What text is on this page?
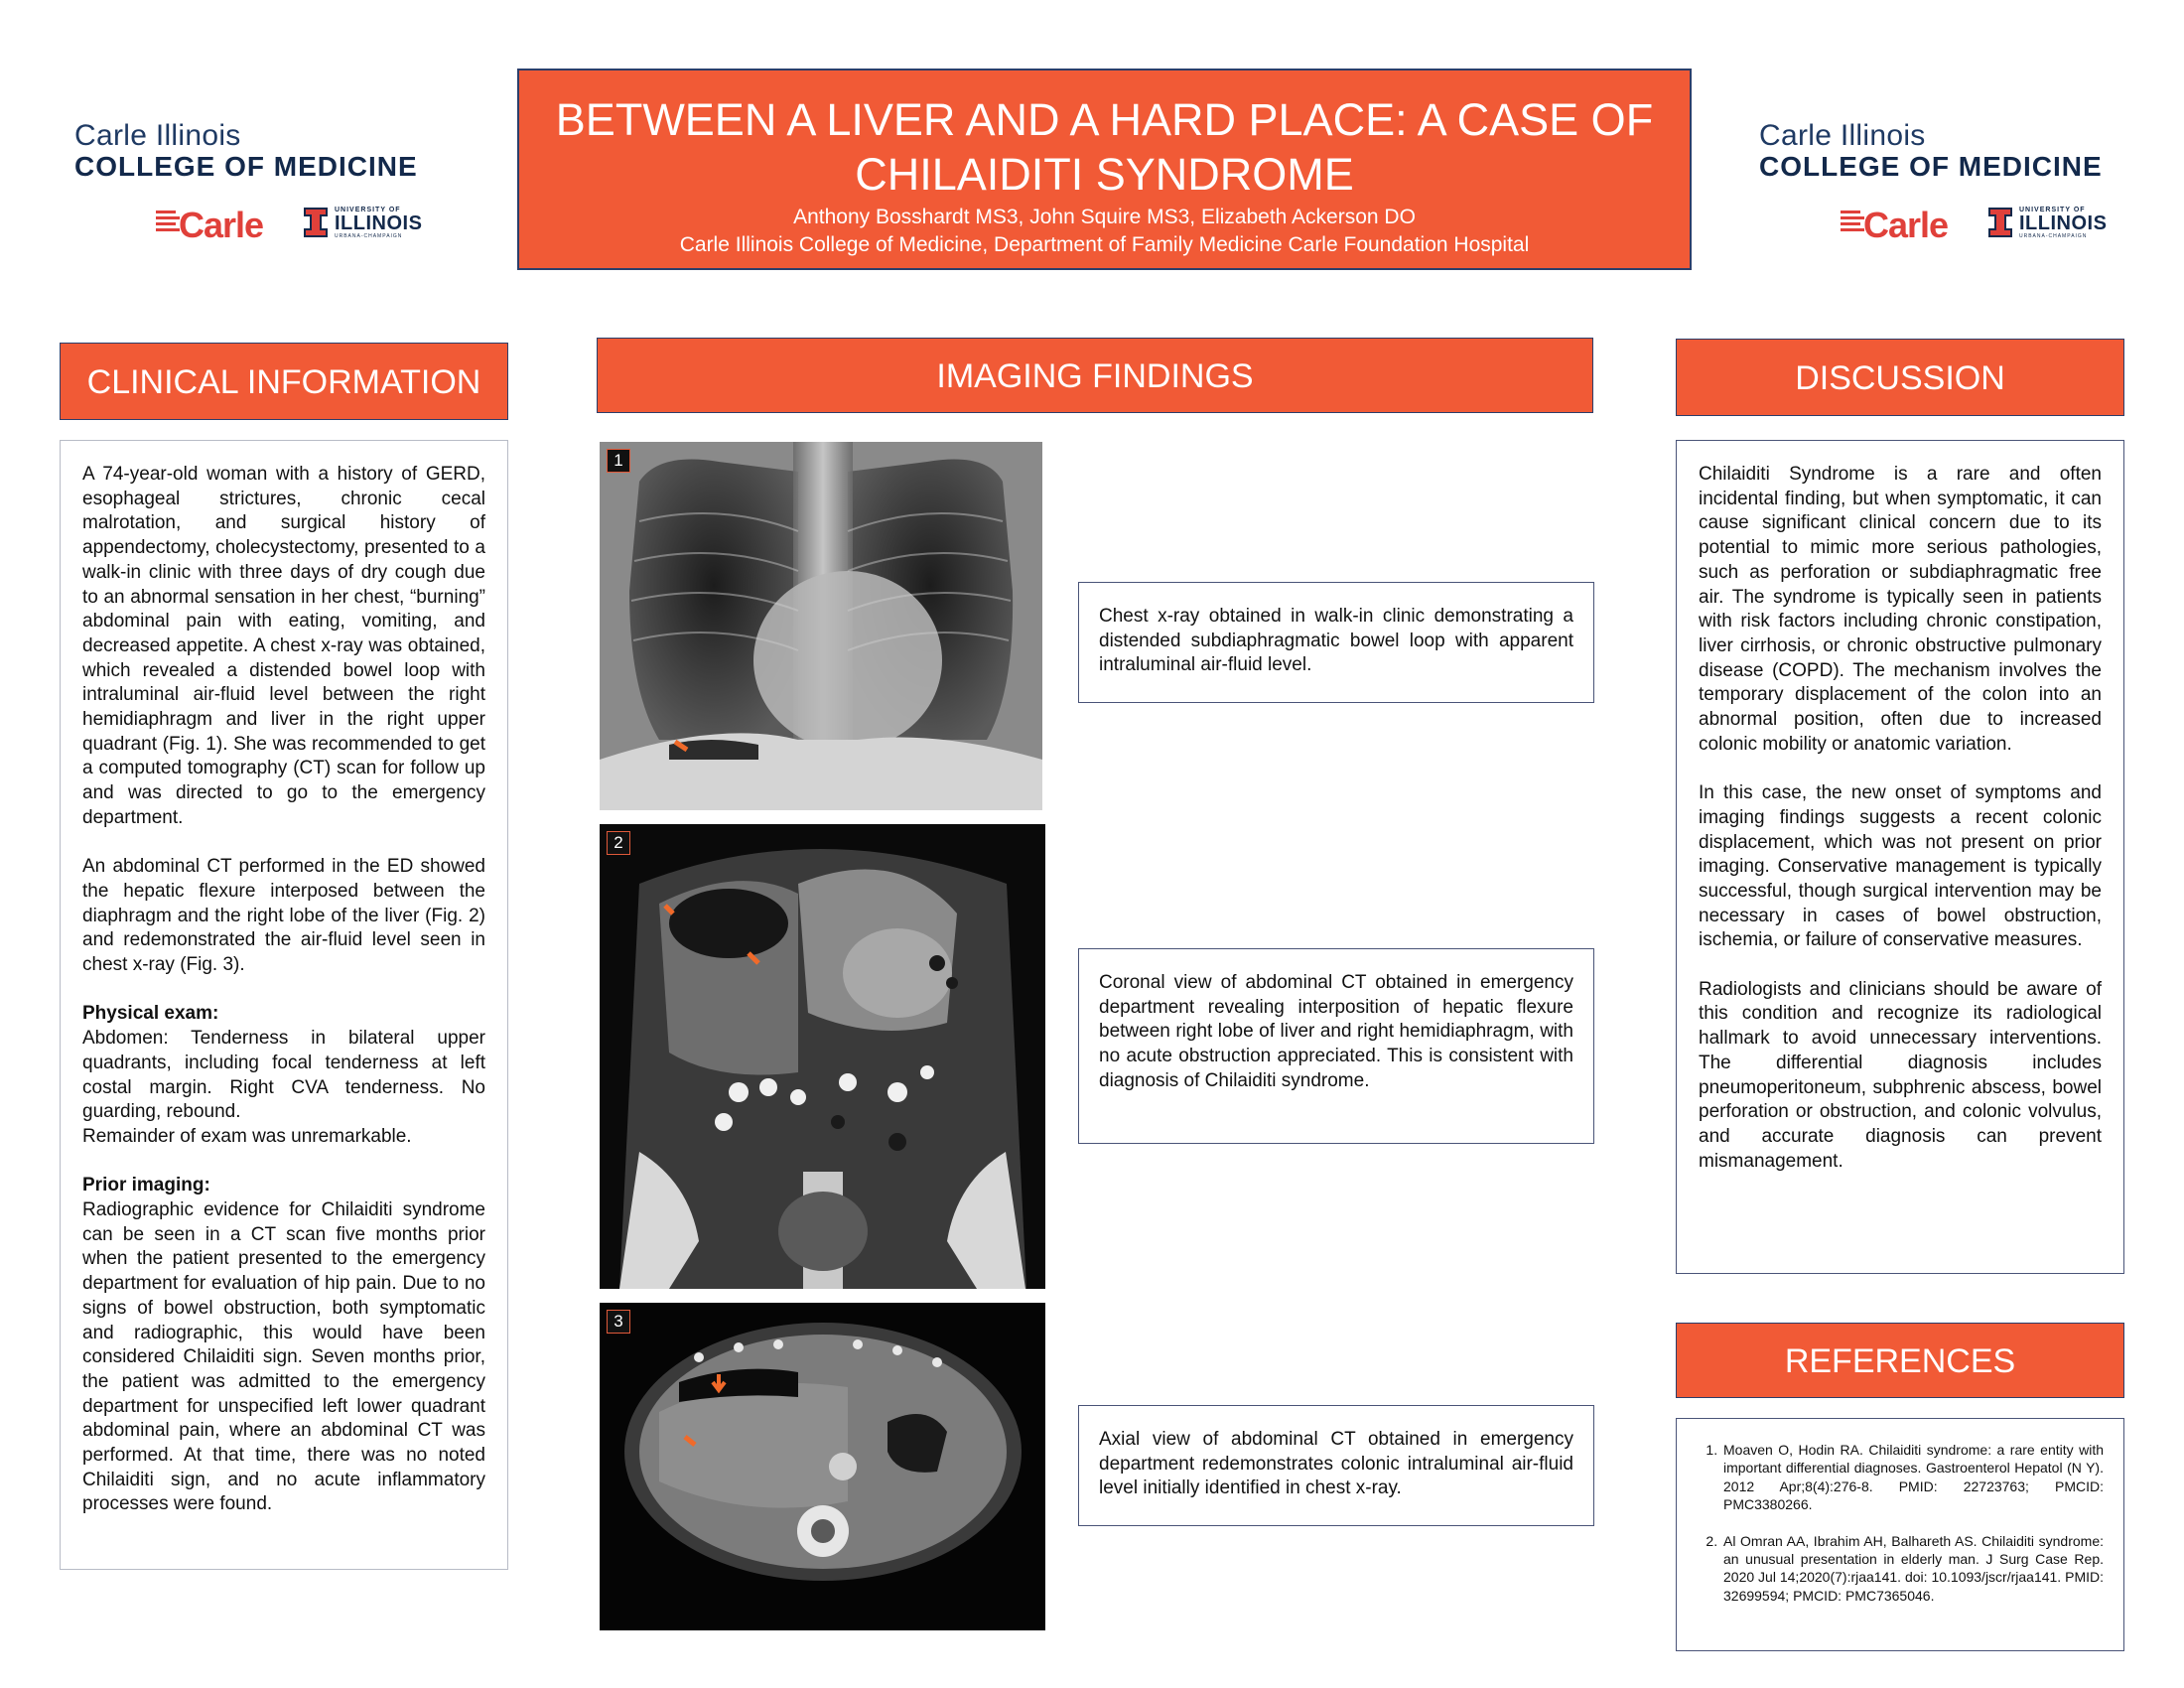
Carle Illinois
COLLEGE OF MEDICINE
Carle	UNIVERSITY OF
ILLINOIS
URBANA-CHAMPAIGN
Carle Illinois
COLLEGE OF MEDICINE
Carle	UNIVERSITY OF
ILLINOIS
URBANA-CHAMPAIGN
BETWEEN A LIVER AND A HARD PLACE: A CASE OF CHILAIDITI SYNDROME
Anthony Bosshardt MS3, John Squire MS3, Elizabeth Ackerson DO
Carle Illinois College of Medicine, Department of Family Medicine Carle Foundation Hospital
CLINICAL INFORMATION

A 74-year-old woman with a history of GERD, esophageal strictures, chronic cecal malrotation, and surgical history of appendectomy, cholecystectomy, presented to a walk-in clinic with three days of dry cough due to an abnormal sensation in her chest, “burning” abdominal pain with eating, vomiting, and decreased appetite. A chest x-ray was obtained, which revealed a distended bowel loop with intraluminal air-fluid level between the right hemidiaphragm and liver in the right upper quadrant (Fig. 1). She was recommended to get a computed tomography (CT) scan for follow up and was directed to go to the emergency department.

An abdominal CT performed in the ED showed the hepatic flexure interposed between the diaphragm and the right lobe of the liver (Fig. 2) and redemonstrated the air-fluid level seen in chest x-ray (Fig. 3).

Physical exam:
Abdomen: Tenderness in bilateral upper quadrants, including focal tenderness at left costal margin. Right CVA tenderness. No guarding, rebound.

Remainder of exam was unremarkable.

Prior imaging:
Radiographic evidence for Chilaiditi syndrome can be seen in a CT scan five months prior when the patient presented to the emergency department for evaluation of hip pain. Due to no signs of bowel obstruction, both symptomatic and radiographic, this would have been considered Chilaiditi sign. Seven months prior, the patient was admitted to the emergency department for unspecified left lower quadrant abdominal pain, where an abdominal CT was performed. At that time, there was no noted Chilaiditi sign, and no acute inflammatory processes were found.
IMAGING FINDINGS
1
2
3
Chest x-ray obtained in walk-in clinic demonstrating a distended subdiaphragmatic bowel loop with apparent intraluminal air-fluid level.
Coronal view of abdominal CT obtained in emergency department revealing interposition of hepatic flexure between right lobe of liver and right hemidiaphragm, with no acute obstruction appreciated. This is consistent with diagnosis of Chilaiditi syndrome.
Axial view of abdominal CT obtained in emergency department redemonstrates colonic intraluminal air-fluid level initially identified in chest x-ray.
DISCUSSION

Chilaiditi Syndrome is a rare and often incidental finding, but when symptomatic, it can cause significant clinical concern due to its potential to mimic more serious pathologies, such as perforation or subdiaphragmatic free air. The syndrome is typically seen in patients with risk factors including chronic constipation, liver cirrhosis, or chronic obstructive pulmonary disease (COPD). The mechanism involves the temporary displacement of the colon into an abnormal position, often due to increased colonic mobility or anatomic variation.

In this case, the new onset of symptoms and imaging findings suggests a recent colonic displacement, which was not present on prior imaging. Conservative management is typically successful, though surgical intervention may be necessary in cases of bowel obstruction, ischemia, or failure of conservative measures.

Radiologists and clinicians should be aware of this condition and recognize its radiological hallmark to avoid unnecessary interventions. The differential diagnosis includes pneumoperitoneum, subphrenic abscess, bowel perforation or obstruction, and colonic volvulus, and accurate diagnosis can prevent mismanagement.

REFERENCES
1. Moaven O, Hodin RA. Chilaiditi syndrome: a rare entity with important differential diagnoses. Gastroenterol Hepatol (N Y). 2012 Apr;8(4):276-8. PMID: 22723763; PMCID: PMC3380266.
2. Al Omran AA, Ibrahim AH, Balhareth AS. Chilaiditi syndrome: an unusual presentation in elderly man. J Surg Case Rep. 2020 Jul 14;2020(7):rjaa141. doi: 10.1093/jscr/rjaa141. PMID: 32699594; PMCID: PMC7365046.
